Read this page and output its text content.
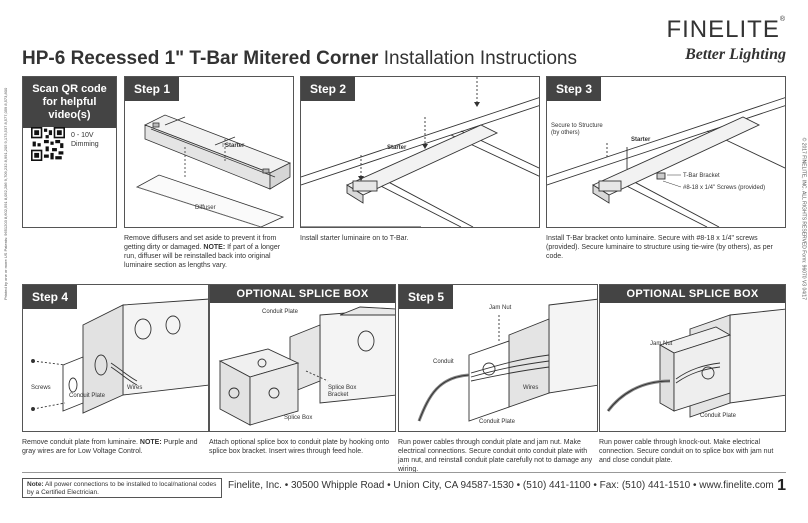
FINELITE®
Better Lighting
HP-6 Recessed 1" T-Bar Mitered Corner Installation Instructions
Scan QR code for helpful video(s)
0 - 10V Dimming
Step 1
Starter
Diffuser
Step 2
Starter
Step 3
Secure to Structure
(by others)
Starter
T-Bar Bracket
#8-18 x 1/4" Screws (provided)
Remove diffusers and set aside to prevent it from getting dirty or damaged. NOTE: If part of a longer run, diffuser will be reinstalled back into original luminaire section as lengths vary.
Install starter luminaire on to T-Bar.	Install T-Bar bracket onto luminaire. Secure with #8-18 x 1/4" screws (provided). Secure luminaire to structure using tie-wire (by others), as per code.
Step 4
Wires
Screws
Conduit Plate
OPTIONAL SPLICE BOX
Conduit Plate
Splice Box
Bracket
Splice Box
Step 5
Jam Nut
Conduit
Wires
Conduit Plate
OPTIONAL SPLICE BOX
Jam Nut
Conduit Plate
Remove conduit plate from luminaire. NOTE: Purple and gray wires are for Low Voltage Control.
Attach optional splice box to conduit plate by hooking onto splice box bracket. Insert wires through feed hole.
Run power cables through conduit plate and jam nut. Make electrical connections. Secure conduit onto conduit plate with jam nut, and reinstall conduit plate carefully not to damage any wiring.
Run power cable through knock-out. Make electrical connection. Secure conduit on to splice box with jam nut and close conduit plate.
Printed by one or more US Patents: 9651203 8,602,591 8,052,286 9,709,232 8,991,205 9,173,537 8,577,059 8,573,800	© 2017 FINELITE, INC. ALL RIGHTS RESERVED Form: 96070 V3 04/17
Note: All power connections to be installed to local/national codes by a Certified Electrician.
Finelite, Inc. • 30500 Whipple Road • Union City, CA 94587-1530 • (510) 441-1100 • Fax: (510) 441-1510 • www.finelite.com 1
